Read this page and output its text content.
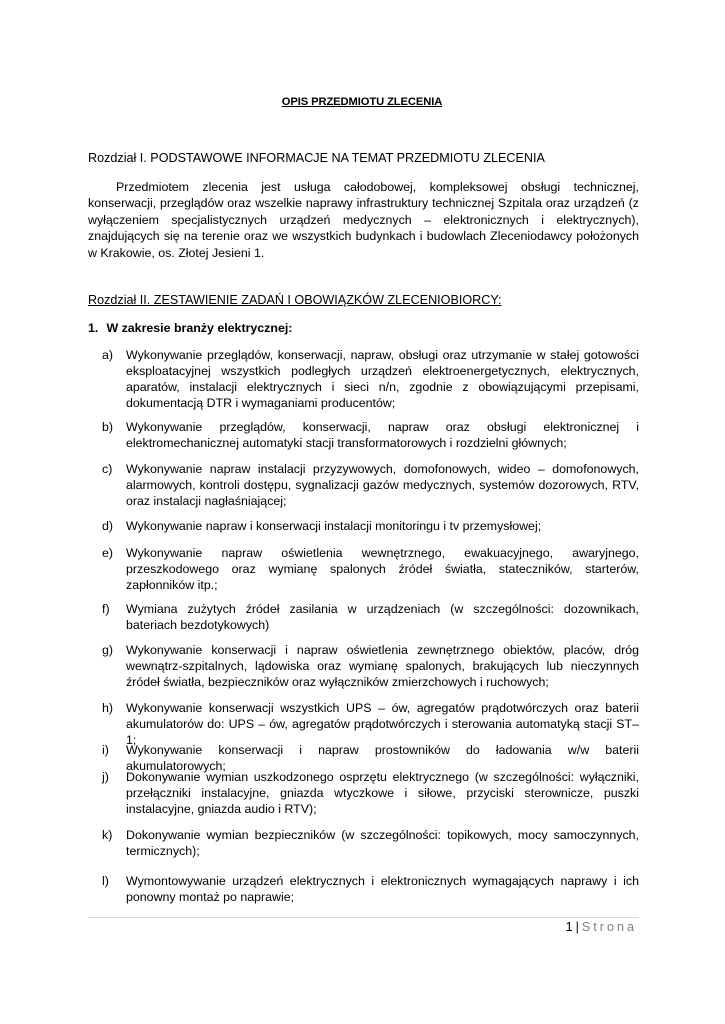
OPIS PRZEDMIOTU ZLECENIA
Rozdział I. PODSTAWOWE INFORMACJE NA TEMAT PRZEDMIOTU ZLECENIA
Przedmiotem zlecenia jest usługa całodobowej, kompleksowej obsługi technicznej, konserwacji, przeglądów oraz wszelkie naprawy infrastruktury technicznej Szpitala oraz urządzeń (z wyłączeniem specjalistycznych urządzeń medycznych – elektronicznych i elektrycznych), znajdujących się na terenie oraz we wszystkich budynkach i budowlach Zleceniodawcy położonych w Krakowie, os. Złotej Jesieni 1.
Rozdział II. ZESTAWIENIE ZADAŃ I OBOWIĄZKÓW ZLECENIOBIORCY:
1. W zakresie branży elektrycznej:
a) Wykonywanie przeglądów, konserwacji, napraw, obsługi oraz utrzymanie w stałej gotowości eksploatacyjnej wszystkich podległych urządzeń elektroenergetycznych, elektrycznych, aparatów, instalacji elektrycznych i sieci n/n, zgodnie z obowiązującymi przepisami, dokumentacją DTR i wymaganiami producentów;
b) Wykonywanie przeglądów, konserwacji, napraw oraz obsługi elektronicznej i elektromechanicznej automatyki stacji transformatorowych i rozdzielni głównych;
c) Wykonywanie napraw instalacji przyzywowych, domofonowych, wideo – domofonowych, alarmowych, kontroli dostępu, sygnalizacji gazów medycznych, systemów dozorowych, RTV, oraz instalacji nagłaśniającej;
d) Wykonywanie napraw i konserwacji instalacji monitoringu i tv przemysłowej;
e) Wykonywanie napraw oświetlenia wewnętrznego, ewakuacyjnego, awaryjnego, przeszkodowego oraz wymianę spalonych źródeł światła, stateczników, starterów, zapłonników itp.;
f) Wymiana zużytych źródeł zasilania w urządzeniach (w szczególności: dozownikach, bateriach bezdotykowych)
g) Wykonywanie konserwacji i napraw oświetlenia zewnętrznego obiektów, placów, dróg wewnątrz-szpitalnych, lądowiska oraz wymianę spalonych, brakujących lub nieczynnych źródeł światła, bezpieczników oraz wyłączników zmierzchowych i ruchowych;
h) Wykonywanie konserwacji wszystkich UPS – ów, agregatów prądotwórczych oraz baterii akumulatorów do: UPS – ów, agregatów prądotwórczych i sterowania automatyką stacji ST–1;
i) Wykonywanie konserwacji i napraw prostowników do ładowania w/w baterii akumulatorowych;
j) Dokonywanie wymian uszkodzonego osprzętu elektrycznego (w szczególności: wyłączniki, przełączniki instalacyjne, gniazda wtyczkowe i siłowe, przyciski sterownicze, puszki instalacyjne, gniazda audio i RTV);
k) Dokonywanie wymian bezpieczników (w szczególności: topikowych, mocy samoczynnych, termicznych);
l) Wymontowywanie urządzeń elektrycznych i elektronicznych wymagających naprawy i ich ponowny montaż po naprawie;
1 | Strona
